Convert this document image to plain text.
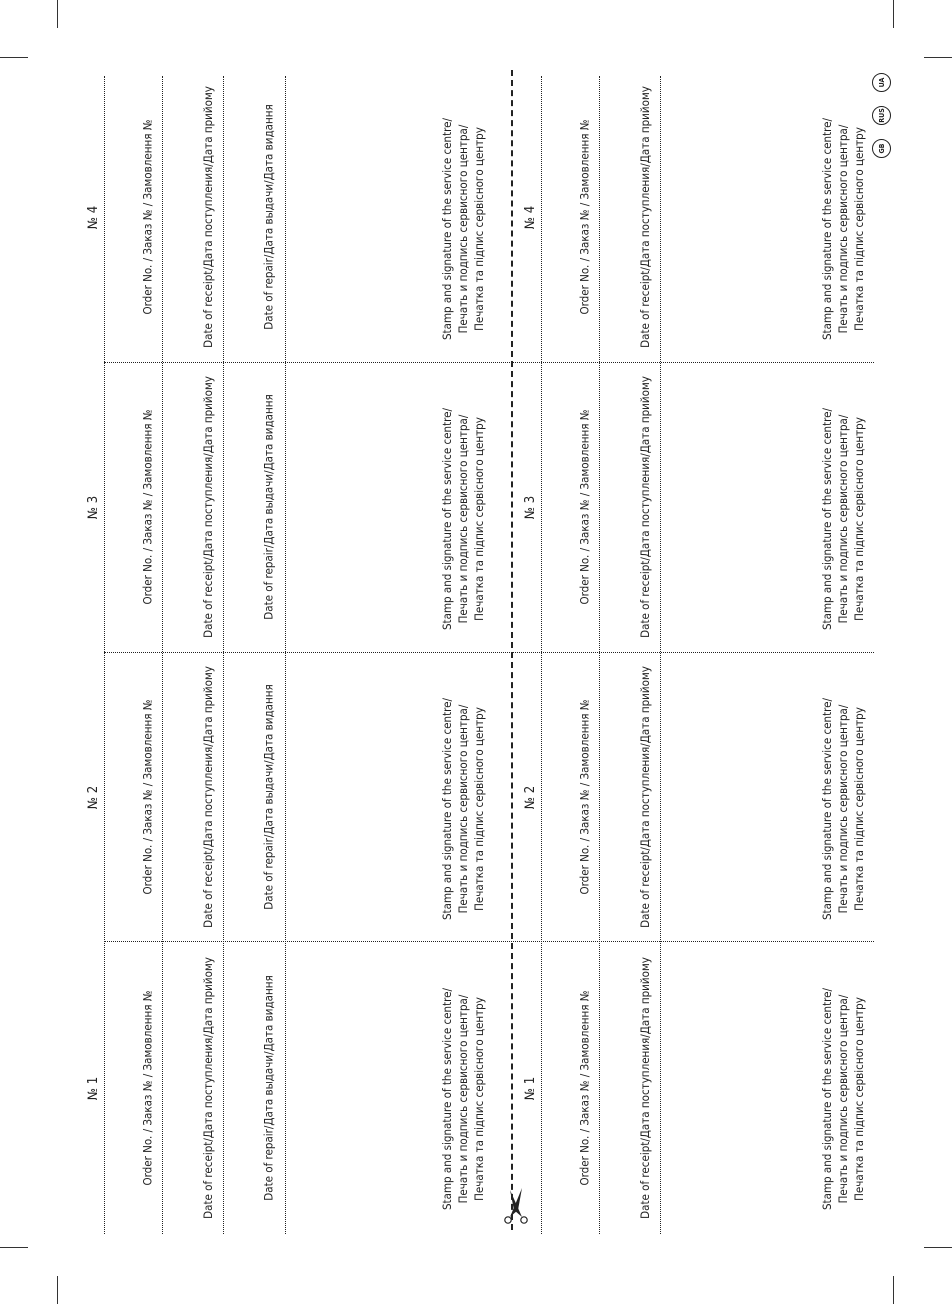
GB
RUS
UA
№ 1	Order No. / Заказ № / Замовлення №	Date of receipt/Дата поступления/Дата прийому	Date of repair/Дата выдачи/Дата видання	Stamp and signature of the service centre/ Печать и подпись сервисного центра/ Печатка та підпис сервісного центру	№ 1	Order No. / Заказ № / Замовлення №	Date of receipt/Дата поступления/Дата прийому	Stamp and signature of the service centre/ Печать и подпись сервисного центра/ Печатка та підпис сервісного центру
№ 2	Order No. / Заказ № / Замовлення №	Date of receipt/Дата поступления/Дата прийому	Date of repair/Дата выдачи/Дата видання	Stamp and signature of the service centre/ Печать и подпись сервисного центра/ Печатка та підпис сервісного центру	№ 2	Order No. / Заказ № / Замовлення №	Date of receipt/Дата поступления/Дата прийому	Stamp and signature of the service centre/ Печать и подпись сервисного центра/ Печатка та підпис сервісного центру
№ 3	Order No. / Заказ № / Замовлення №	Date of receipt/Дата поступления/Дата прийому	Date of repair/Дата выдачи/Дата видання	Stamp and signature of the service centre/ Печать и подпись сервисного центра/ Печатка та підпис сервісного центру	№ 3	Order No. / Заказ № / Замовлення №	Date of receipt/Дата поступления/Дата прийому	Stamp and signature of the service centre/ Печать и подпись сервисного центра/ Печатка та підпис сервісного центру
№ 4	Order No. / Заказ № / Замовлення №	Date of receipt/Дата поступления/Дата прийому	Date of repair/Дата выдачи/Дата видання	Stamp and signature of the service centre/ Печать и подпись сервисного центра/ Печатка та підпис сервісного центру	№ 4	Order No. / Заказ № / Замовлення №	Date of receipt/Дата поступления/Дата прийому	Stamp and signature of the service centre/ Печать и подпись сервисного центра/ Печатка та підпис сервісного центру
